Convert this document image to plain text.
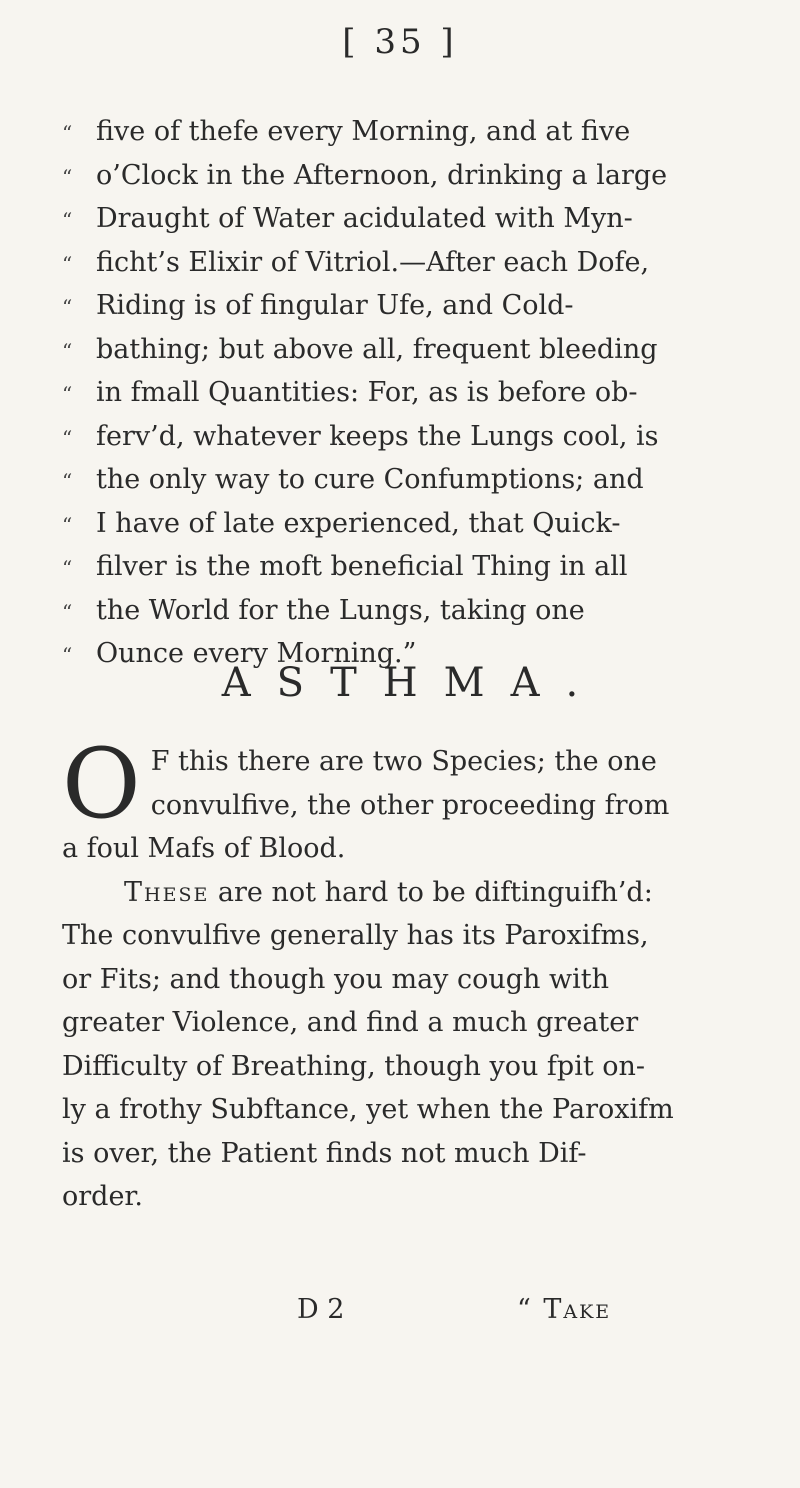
[ 35 ]
“ five of thefe every Morning, and at five
“ o’Clock in the Afternoon, drinking a large
“ Draught of Water acidulated with Myn-
“ ficht’s Elixir of Vitriol.—After each Dofe,
“ Riding is of fingular Ufe, and Cold-
“ bathing; but above all, frequent bleeding
“ in fmall Quantities: For, as is before ob-
“ ferv’d, whatever keeps the Lungs cool, is
“ the only way to cure Confumptions; and
“ I have of late experienced, that Quick-
“ filver is the moft beneficial Thing in all
“ the World for the Lungs, taking one
“ Ounce every Morning.”
ASTHMA.
O F this there are two Species; the one
convulfive, the other proceeding from
a foul Mafs of Blood.
These are not hard to be diftinguifh’d:
The convulfive generally has its Paroxifms,
or Fits; and though you may cough with
greater Violence, and find a much greater
Difficulty of Breathing, though you fpit on-
ly a frothy Subftance, yet when the Paroxifm
is over, the Patient finds not much Dif-
order.
D 2	“ Take
